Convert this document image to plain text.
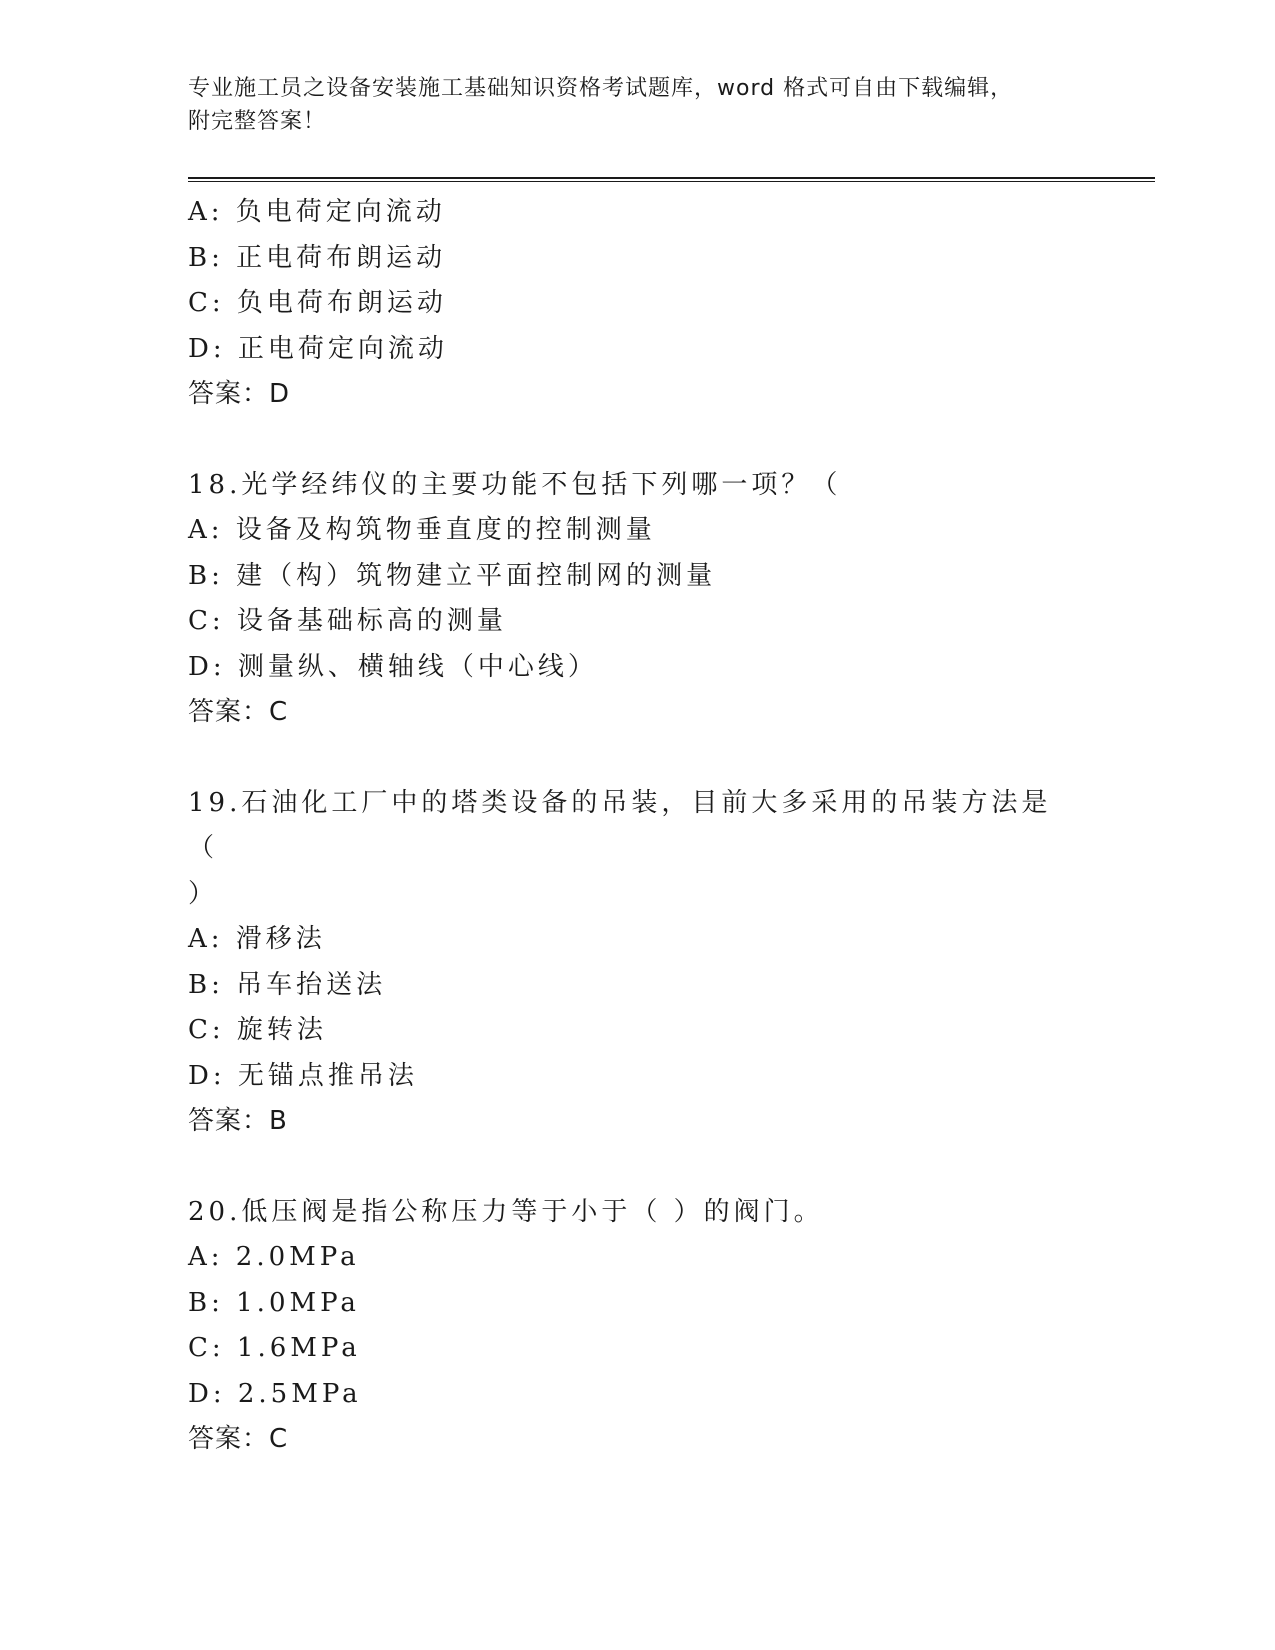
专业施工员之设备安装施工基础知识资格考试题库，word 格式可自由下载编辑，
附完整答案！
A: 负电荷定向流动
B: 正电荷布朗运动
C: 负电荷布朗运动
D: 正电荷定向流动
答案：D
18.光学经纬仪的主要功能不包括下列哪一项？（
A: 设备及构筑物垂直度的控制测量
B: 建（构）筑物建立平面控制网的测量
C: 设备基础标高的测量
D: 测量纵、横轴线（中心线）
答案：C
19.石油化工厂中的塔类设备的吊装，目前大多采用的吊装方法是（
）
A: 滑移法
B: 吊车抬送法
C: 旋转法
D: 无锚点推吊法
答案：B
20.低压阀是指公称压力等于小于（ ）的阀门。
A: 2.0MPa
B: 1.0MPa
C: 1.6MPa
D: 2.5MPa
答案：C
